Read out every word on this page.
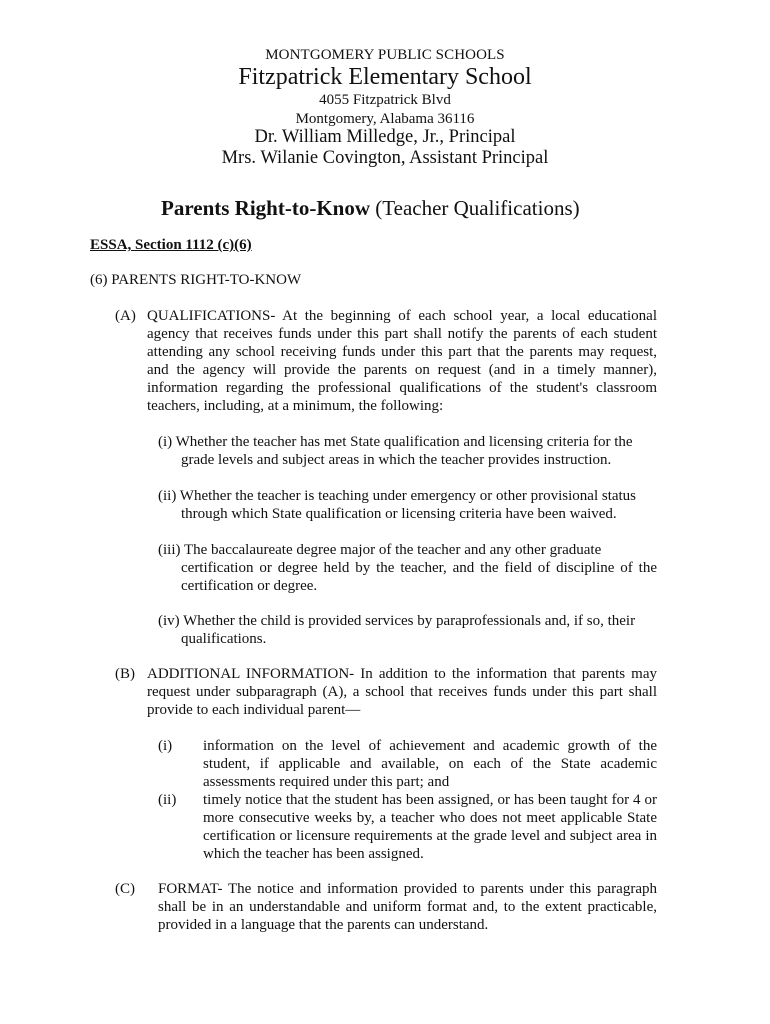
MONTGOMERY PUBLIC SCHOOLS
Fitzpatrick Elementary School
4055 Fitzpatrick Blvd
Montgomery, Alabama 36116
Dr. William Milledge, Jr., Principal
Mrs. Wilanie Covington, Assistant Principal
Parents Right-to-Know (Teacher Qualifications)
ESSA, Section 1112 (c)(6)
(6) PARENTS RIGHT-TO-KNOW
(A) QUALIFICATIONS- At the beginning of each school year, a local educational agency that receives funds under this part shall notify the parents of each student attending any school receiving funds under this part that the parents may request, and the agency will provide the parents on request (and in a timely manner), information regarding the professional qualifications of the student's classroom teachers, including, at a minimum, the following:
(i) Whether the teacher has met State qualification and licensing criteria for the
grade levels and subject areas in which the teacher provides instruction.
(ii) Whether the teacher is teaching under emergency or other provisional status
through which State qualification or licensing criteria have been waived.
(iii) The baccalaureate degree major of the teacher and any other graduate
certification or degree held by the teacher, and the field of discipline of the certification or degree.
(iv) Whether the child is provided services by paraprofessionals and, if so, their
qualifications.
(B) ADDITIONAL INFORMATION- In addition to the information that parents may request under subparagraph (A), a school that receives funds under this part shall provide to each individual parent—
(i) information on the level of achievement and academic growth of the student, if applicable and available, on each of the State academic assessments required under this part; and
(ii) timely notice that the student has been assigned, or has been taught for 4 or more consecutive weeks by, a teacher who does not meet applicable State certification or licensure requirements at the grade level and subject area in which the teacher has been assigned.
(C) FORMAT- The notice and information provided to parents under this paragraph shall be in an understandable and uniform format and, to the extent practicable, provided in a language that the parents can understand.
